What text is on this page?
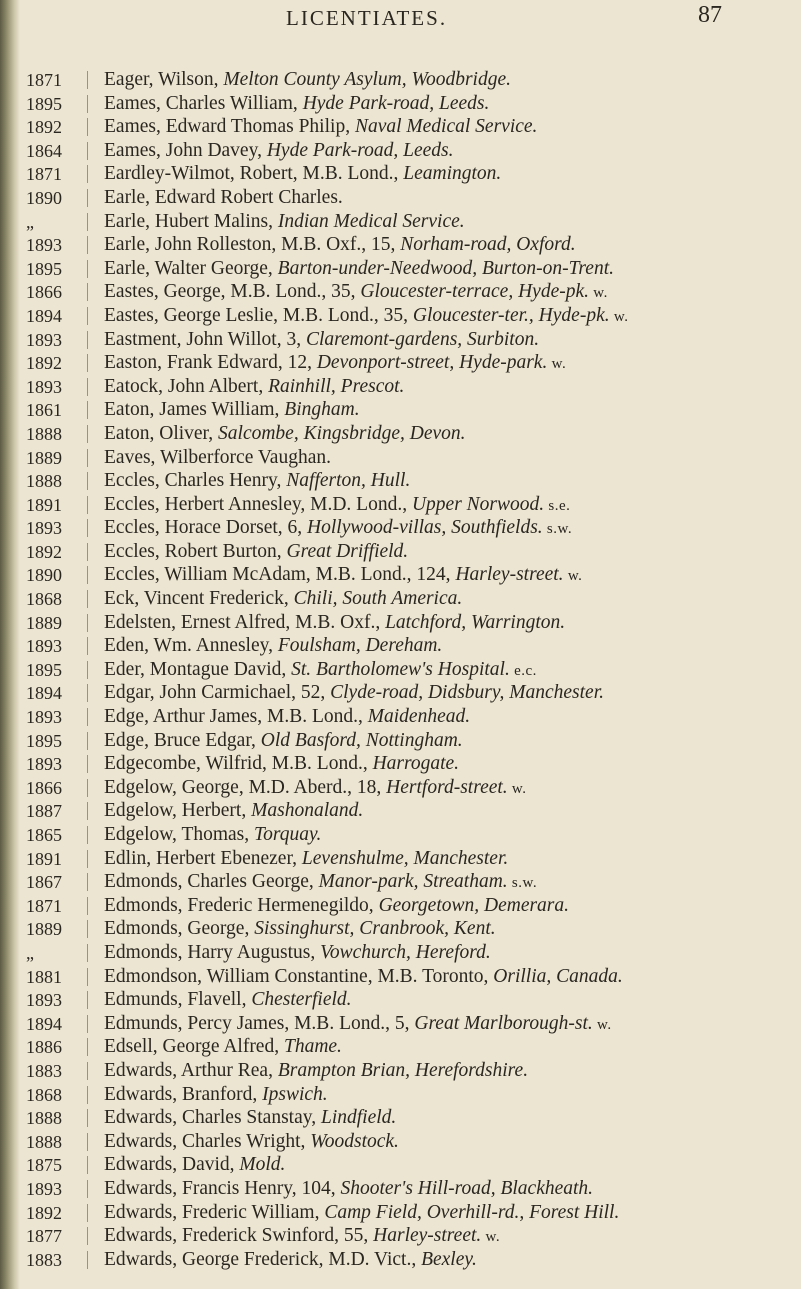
LICENTIATES.	87
1871	Eager, Wilson, Melton County Asylum, Woodbridge.
1895	Eames, Charles William, Hyde Park-road, Leeds.
1892	Eames, Edward Thomas Philip, Naval Medical Service.
1864	Eames, John Davey, Hyde Park-road, Leeds.
1871	Eardley-Wilmot, Robert, M.B. Lond., Leamington.
1890	Earle, Edward Robert Charles.
„	Earle, Hubert Malins, Indian Medical Service.
1893	Earle, John Rolleston, M.B. Oxf., 15, Norham-road, Oxford.
1895	Earle, Walter George, Barton-under-Needwood, Burton-on-Trent.
1866	Eastes, George, M.B. Lond., 35, Gloucester-terrace, Hyde-pk. w.
1894	Eastes, George Leslie, M.B. Lond., 35, Gloucester-ter., Hyde-pk. w.
1893	Eastment, John Willot, 3, Claremont-gardens, Surbiton.
1892	Easton, Frank Edward, 12, Devonport-street, Hyde-park. w.
1893	Eatock, John Albert, Rainhill, Prescot.
1861	Eaton, James William, Bingham.
1888	Eaton, Oliver, Salcombe, Kingsbridge, Devon.
1889	Eaves, Wilberforce Vaughan.
1888	Eccles, Charles Henry, Nafferton, Hull.
1891	Eccles, Herbert Annesley, M.D. Lond., Upper Norwood. s.e.
1893	Eccles, Horace Dorset, 6, Hollywood-villas, Southfields. s.w.
1892	Eccles, Robert Burton, Great Driffield.
1890	Eccles, William McAdam, M.B. Lond., 124, Harley-street. w.
1868	Eck, Vincent Frederick, Chili, South America.
1889	Edelsten, Ernest Alfred, M.B. Oxf., Latchford, Warrington.
1893	Eden, Wm. Annesley, Foulsham, Dereham.
1895	Eder, Montague David, St. Bartholomew's Hospital. e.c.
1894	Edgar, John Carmichael, 52, Clyde-road, Didsbury, Manchester.
1893	Edge, Arthur James, M.B. Lond., Maidenhead.
1895	Edge, Bruce Edgar, Old Basford, Nottingham.
1893	Edgecombe, Wilfrid, M.B. Lond., Harrogate.
1866	Edgelow, George, M.D. Aberd., 18, Hertford-street. w.
1887	Edgelow, Herbert, Mashonaland.
1865	Edgelow, Thomas, Torquay.
1891	Edlin, Herbert Ebenezer, Levenshulme, Manchester.
1867	Edmonds, Charles George, Manor-park, Streatham. s.w.
1871	Edmonds, Frederic Hermenegildo, Georgetown, Demerara.
1889	Edmonds, George, Sissinghurst, Cranbrook, Kent.
„	Edmonds, Harry Augustus, Vowchurch, Hereford.
1881	Edmondson, William Constantine, M.B. Toronto, Orillia, Canada.
1893	Edmunds, Flavell, Chesterfield.
1894	Edmunds, Percy James, M.B. Lond., 5, Great Marlborough-st. w.
1886	Edsell, George Alfred, Thame.
1883	Edwards, Arthur Rea, Brampton Brian, Herefordshire.
1868	Edwards, Branford, Ipswich.
1888	Edwards, Charles Stanstay, Lindfield.
1888	Edwards, Charles Wright, Woodstock.
1875	Edwards, David, Mold.
1893	Edwards, Francis Henry, 104, Shooter's Hill-road, Blackheath.
1892	Edwards, Frederic William, Camp Field, Overhill-rd., Forest Hill.
1877	Edwards, Frederick Swinford, 55, Harley-street. w.
1883	Edwards, George Frederick, M.D. Vict., Bexley.
